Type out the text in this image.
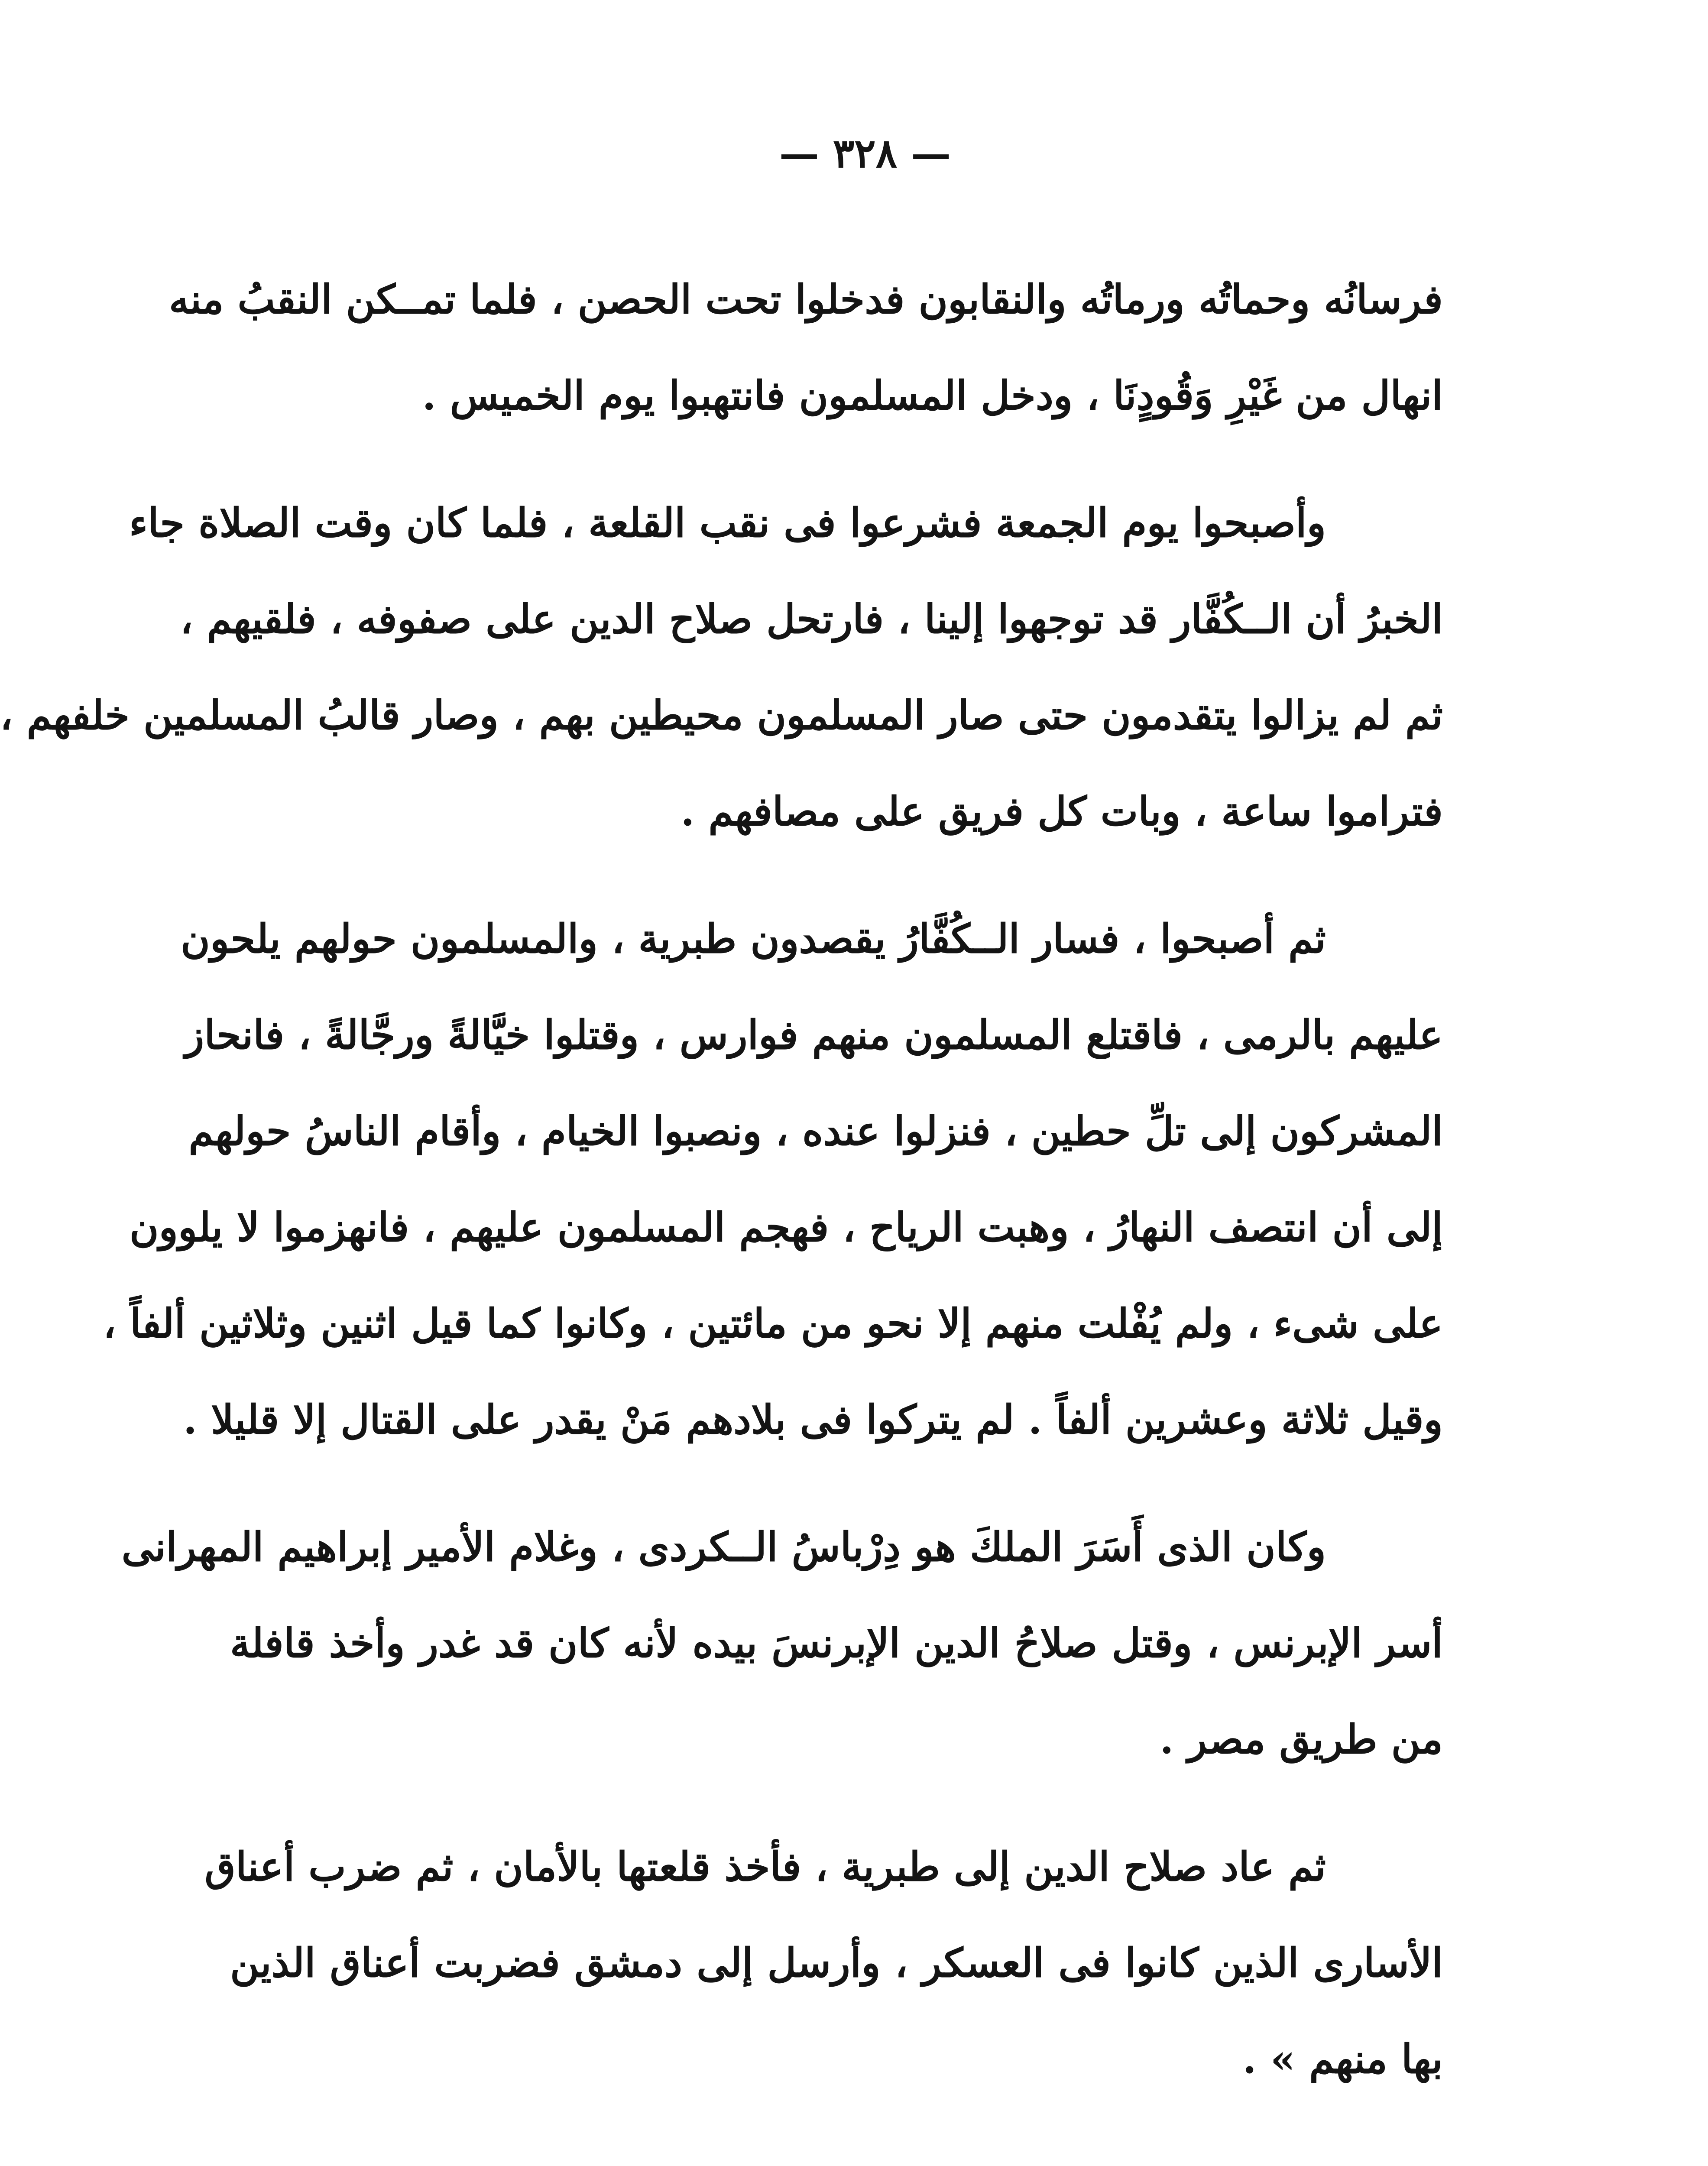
— ٣٢٨ —
فرسانُه وحماتُه ورماتُه والنقابون فدخلوا تحت الحصن ، فلما تمــكن النقبُ منه
انهال من غَيْرِ وَقُودٍنَا ، ودخل المسلمون فانتهبوا يوم الخميس .
وأصبحوا يوم الجمعة فشرعوا فى نقب القلعة ، فلما كان وقت الصلاة جاء
الخبرُ أن الــكُفَّار قد توجهوا إلينا ، فارتحل صلاح الدين على صفوفه ، فلقيهم ،
ثم لم يزالوا يتقدمون حتى صار المسلمون محيطين بهم ، وصار قالبُ المسلمين خلفهم ،
فتراموا ساعة ، وبات كل فريق على مصافهم .
ثم أصبحوا ، فسار الــكُفَّارُ يقصدون طبرية ، والمسلمون حولهم يلحون
عليهم بالرمى ، فاقتلع المسلمون منهم فوارس ، وقتلوا خيَّالةً ورجَّالةً ، فانحاز
المشركون إلى تلِّ حطين ، فنزلوا عنده ، ونصبوا الخيام ، وأقام الناسُ حولهم
إلى أن انتصف النهارُ ، وهبت الرياح ، فهجم المسلمون عليهم ، فانهزموا لا يلوون
على شىء ، ولم يُفْلت منهم إلا نحو من مائتين ، وكانوا كما قيل اثنين وثلاثين ألفاً ،
وقيل ثلاثة وعشرين ألفاً . لم يتركوا فى بلادهم مَنْ يقدر على القتال إلا قليلا .
وكان الذى أَسَرَ الملكَ هو دِرْباسُ الــكردى ، وغلام الأمير إبراهيم المهرانى
أسر الإبرنس ، وقتل صلاحُ الدين الإبرنسَ بيده لأنه كان قد غدر وأخذ قافلة
من طريق مصر .
ثم عاد صلاح الدين إلى طبرية ، فأخذ قلعتها بالأمان ، ثم ضرب أعناق
الأسارى الذين كانوا فى العسكر ، وأرسل إلى دمشق فضربت أعناق الذين
بها منهم » .
